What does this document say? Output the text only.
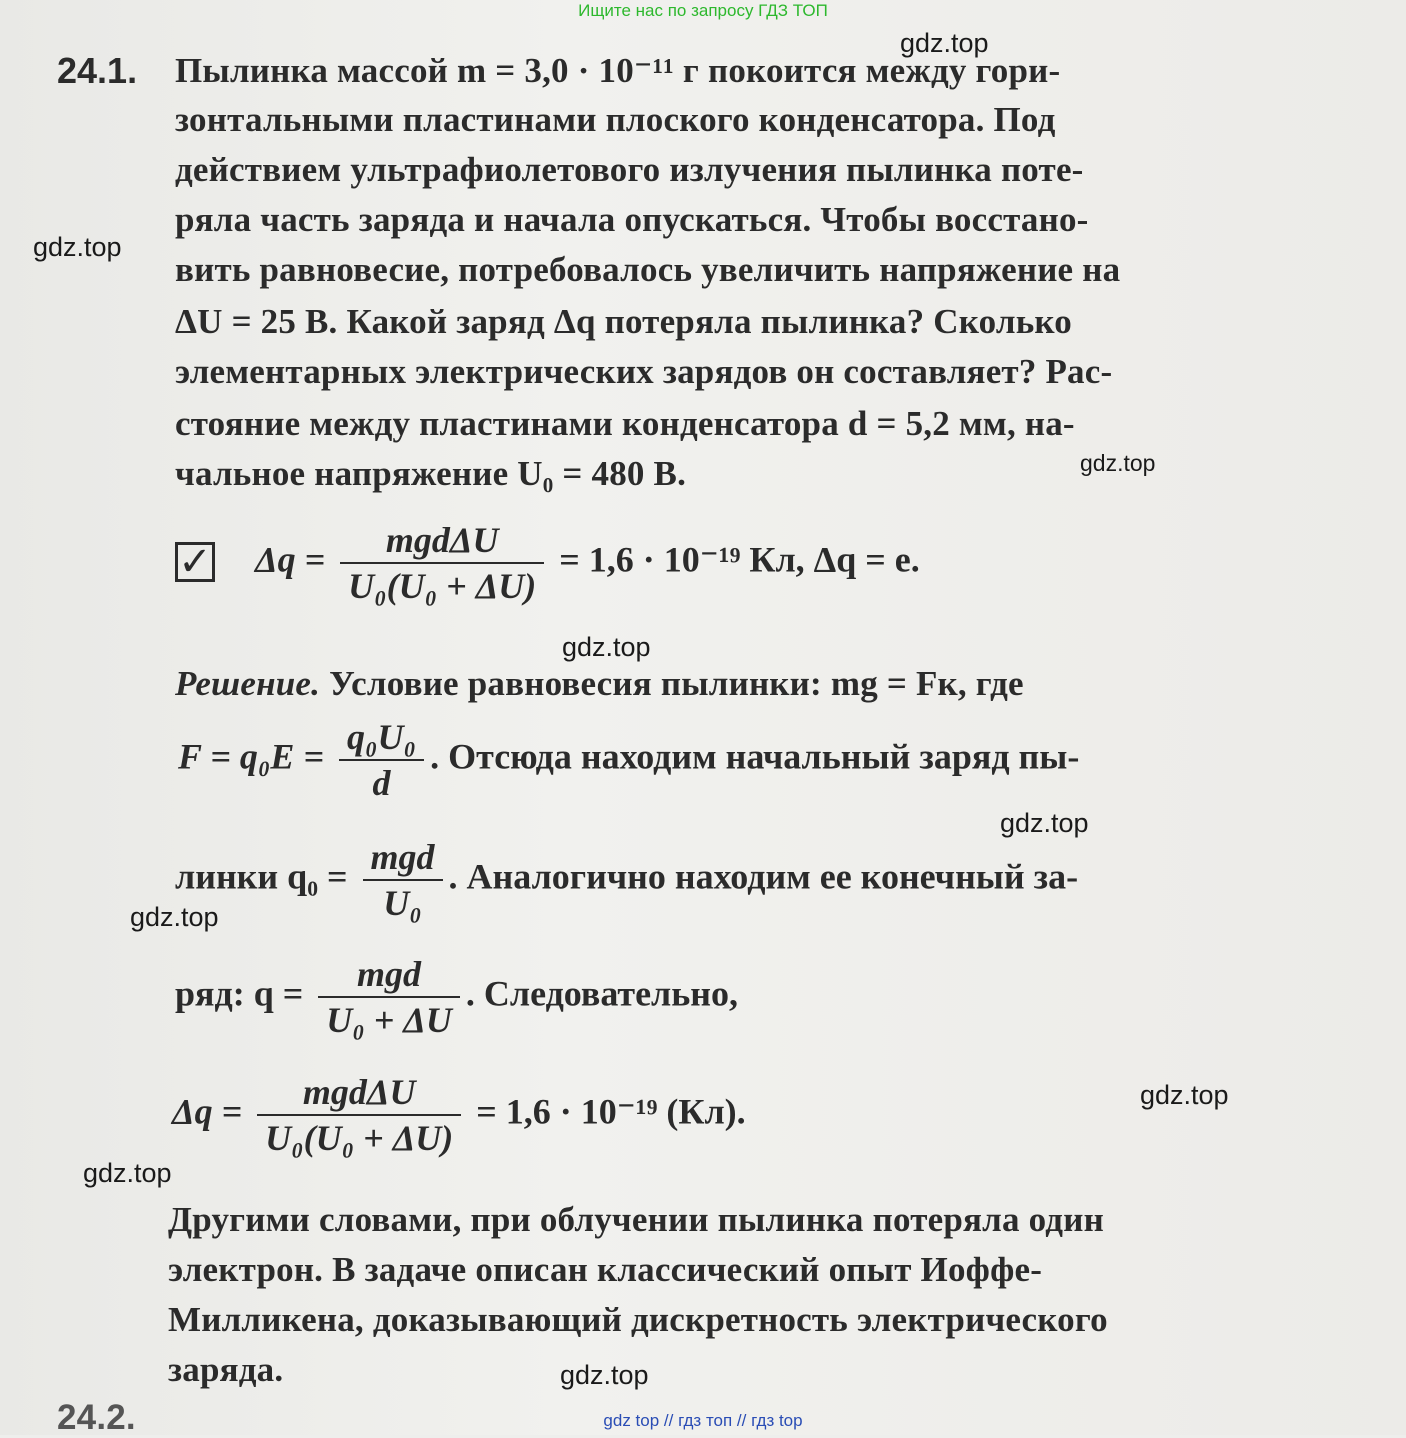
Ищите нас по запросу ГДЗ ТОП
24.1. Пылинка массой m = 3,0 · 10⁻¹¹ г покоится между гори-
зонтальными пластинами плоского конденсатора. Под
действием ультрафиолетового излучения пылинка поте-
ряла часть заряда и начала опускаться. Чтобы восстано-
вить равновесие, потребовалось увеличить напряжение на
ΔU = 25 В. Какой заряд Δq потеряла пылинка? Сколько
элементарных электрических зарядов он составляет? Рас-
стояние между пластинами конденсатора d = 5,2 мм, на-
чальное напряжение U₀ = 480 В.
✓ $\Delta q = \frac{\text{mgdΔU}}{\text{U₀(U₀ + ΔU)}} = 1,6 \cdot 10^{-19}$ Кл, Δq = e.
Решение. Условие равновесия пылинки: mg = Fк, где
$F = q_0E = \frac{\text{q₀U₀}}{d}$ . Отсюда находим начальный заряд пы-
линки $q_0 = \frac{\text{mgd}}{\text{U₀}}$ . Аналогично находим ее конечный за-
ряд: $q = \frac{\text{mgd}}{\text{U₀ + ΔU}}$ . Следовательно,
$\Delta q = \frac{\text{mgdΔU}}{\text{U₀(U₀ + ΔU)}} = 1,6 \cdot 10^{-19}$ (Кл).
Другими словами, при облучении пылинка потеряла один
электрон. В задаче описан классический опыт Иоффе-
Милликена, доказывающий дискретность электрического
заряда.
24.2.
gdz.top
gdz.top
gdz.top
gdz.top
gdz.top
gdz.top
gdz.top
gdz.top
gdz.top
gdz top // гдз топ // гдз top
